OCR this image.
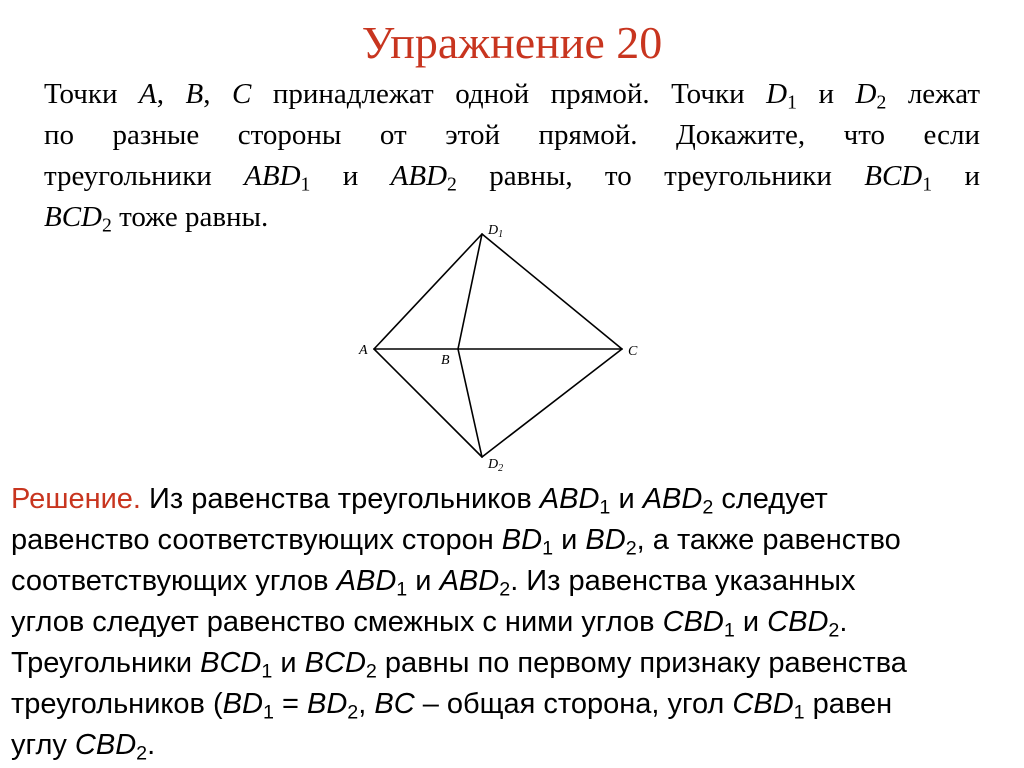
Упражнение 20
Точки A, B, C принадлежат одной прямой. Точки $D_1$ и $D_2$ лежат
по разные стороны от этой прямой. Докажите, что если
треугольники $ABD_1$ и $ABD_2$ равны, то треугольники $BCD_1$ и
$BCD_2$ тоже равны.
A
B
C
$D_1$
$D_2$
Решение. Из равенства треугольников $ABD_1$ и $ABD_2$ следует
равенство соответствующих сторон $BD_1$ и $BD_2$, а также равенство
соответствующих углов $ABD_1$ и $ABD_2$. Из равенства указанных
углов следует равенство смежных с ними углов $CBD_1$ и $CBD_2$.
Треугольники $BCD_1$ и $BCD_2$ равны по первому признаку равенства
треугольников ($BD_1 = BD_2$, BC – общая сторона, угол $CBD_1$ равен
углу $CBD_2$.
